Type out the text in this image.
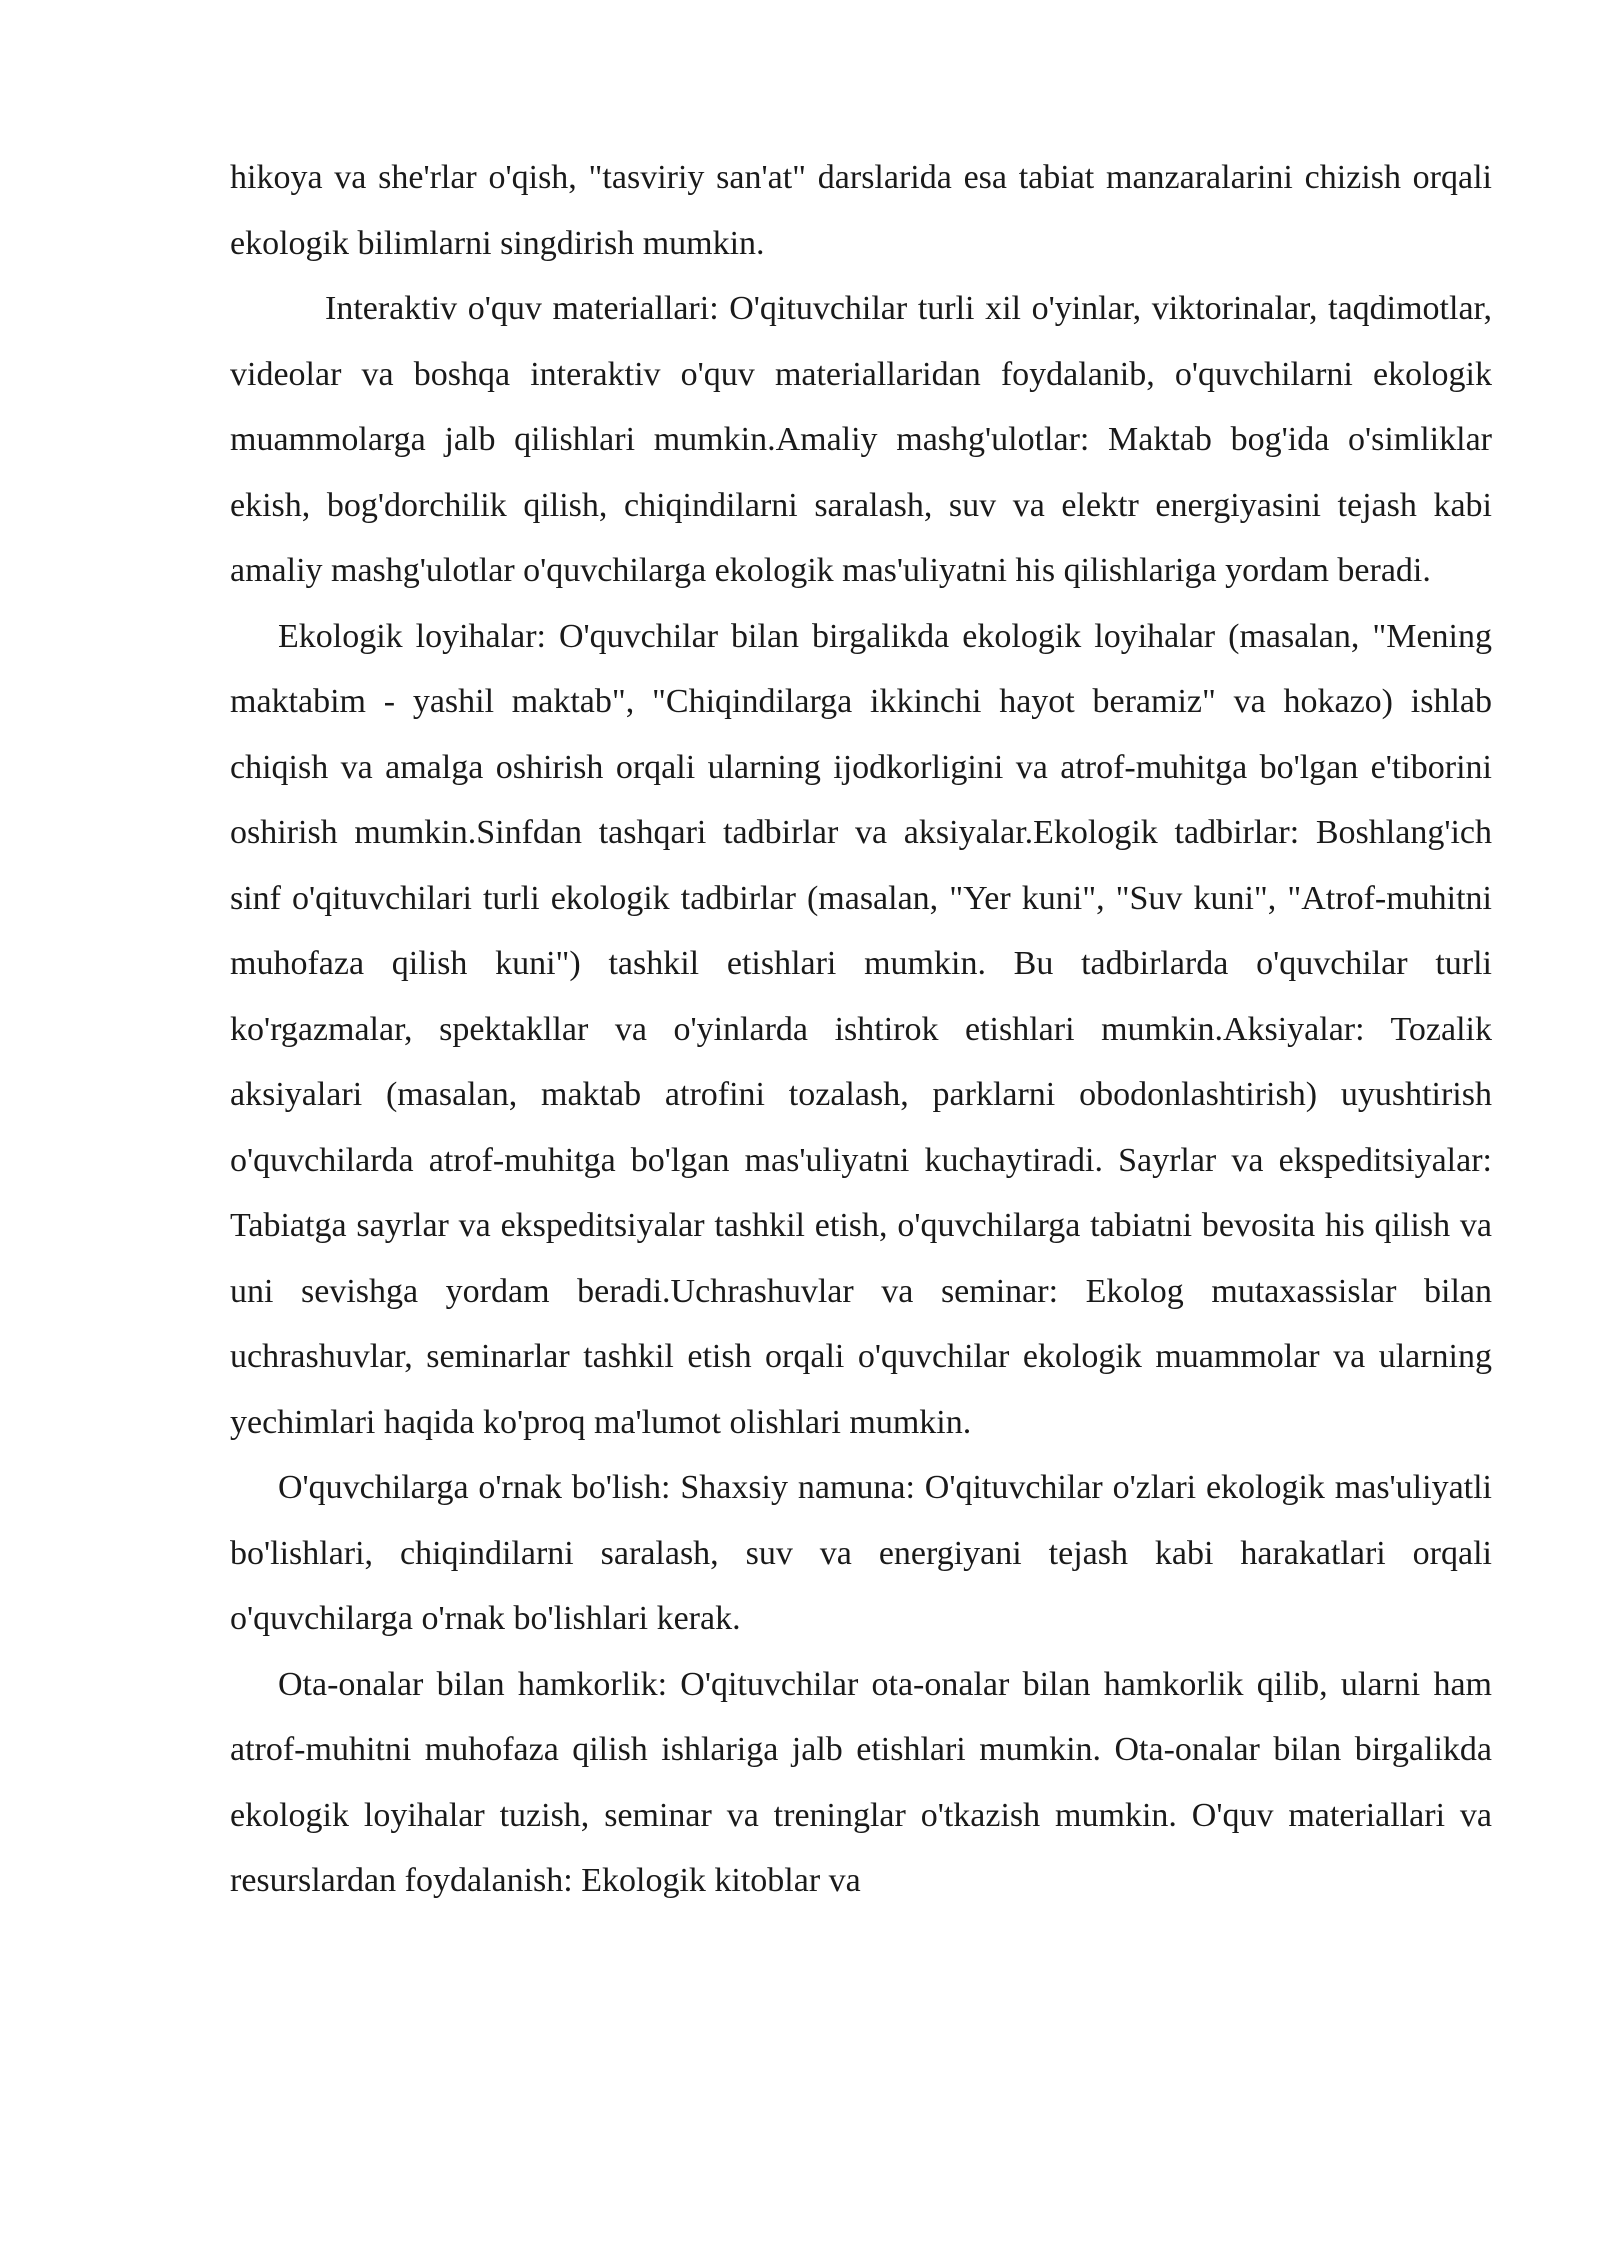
hikoya va she'rlar o'qish, "tasviriy san'at" darslarida esa tabiat manzaralarini chizish orqali ekologik bilimlarni singdirish mumkin.

Interaktiv o'quv materiallari: O'qituvchilar turli xil o'yinlar, viktorinalar, taqdimotlar, videolar va boshqa interaktiv o'quv materiallaridan foydalanib, o'quvchilarni ekologik muammolarga jalb qilishlari mumkin.Amaliy mashg'ulotlar: Maktab bog'ida o'simliklar ekish, bog'dorchilik qilish, chiqindilarni saralash, suv va elektr energiyasini tejash kabi amaliy mashg'ulotlar o'quvchilarga ekologik mas'uliyatni his qilishlariga yordam beradi.

Ekologik loyihalar: O'quvchilar bilan birgalikda ekologik loyihalar (masalan, "Mening maktabim - yashil maktab", "Chiqindilarga ikkinchi hayot beramiz" va hokazo) ishlab chiqish va amalga oshirish orqali ularning ijodkorligini va atrof-muhitga bo'lgan e'tiborini oshirish mumkin.Sinfdan tashqari tadbirlar va aksiyalar.Ekologik tadbirlar: Boshlang'ich sinf o'qituvchilari turli ekologik tadbirlar (masalan, "Yer kuni", "Suv kuni", "Atrof-muhitni muhofaza qilish kuni") tashkil etishlari mumkin. Bu tadbirlarda o'quvchilar turli ko'rgazmalar, spektakllar va o'yinlarda ishtirok etishlari mumkin.Aksiyalar: Tozalik aksiyalari (masalan, maktab atrofini tozalash, parklarni obodonlashtirish) uyushtirish o'quvchilarda atrof-muhitga bo'lgan mas'uliyatni kuchaytiradi. Sayrlar va ekspeditsiyalar: Tabiatga sayrlar va ekspeditsiyalar tashkil etish, o'quvchilarga tabiatni bevosita his qilish va uni sevishga yordam beradi.Uchrashuvlar va seminar: Ekolog mutaxassislar bilan uchrashuvlar, seminarlar tashkil etish orqali o'quvchilar ekologik muammolar va ularning yechimlari haqida ko'proq ma'lumot olishlari mumkin.

O'quvchilarga o'rnak bo'lish: Shaxsiy namuna: O'qituvchilar o'zlari ekologik mas'uliyatli bo'lishlari, chiqindilarni saralash, suv va energiyani tejash kabi harakatlari orqali o'quvchilarga o'rnak bo'lishlari kerak.

Ota-onalar bilan hamkorlik: O'qituvchilar ota-onalar bilan hamkorlik qilib, ularni ham atrof-muhitni muhofaza qilish ishlariga jalb etishlari mumkin. Ota-onalar bilan birgalikda ekologik loyihalar tuzish, seminar va treninglar o'tkazish mumkin. O'quv materiallari va resurslardan foydalanish: Ekologik kitoblar va
